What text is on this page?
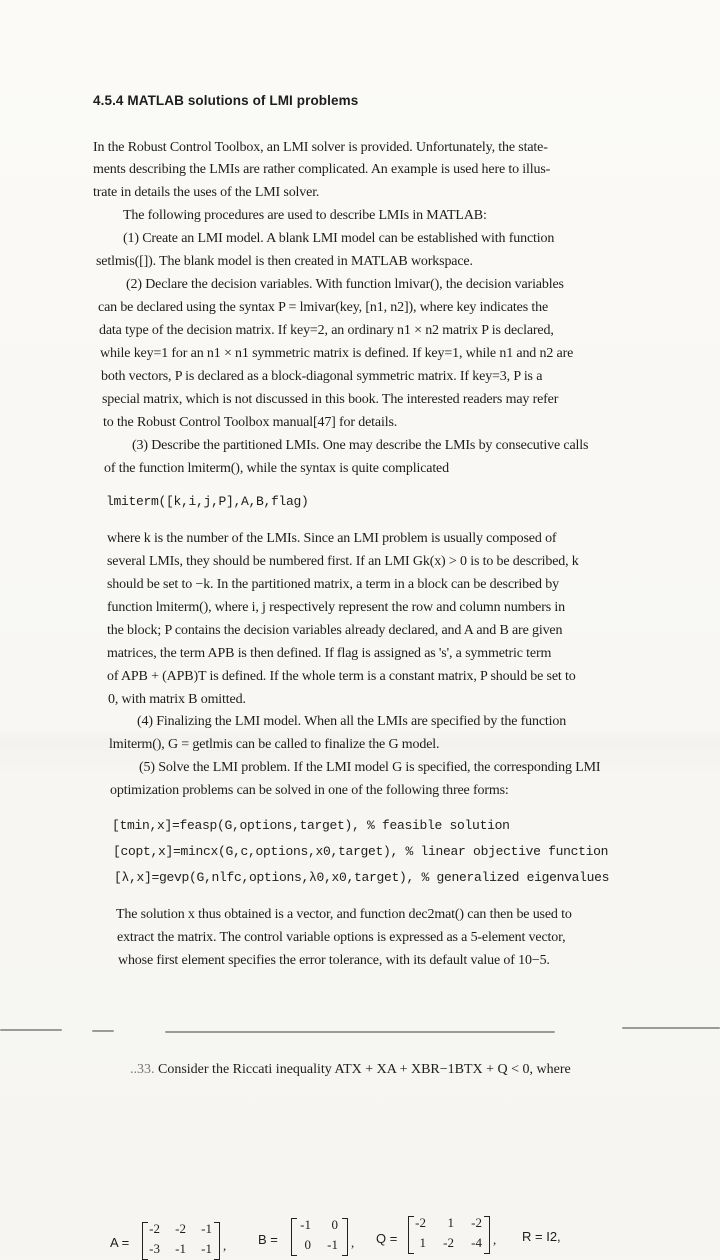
4.5.4 MATLAB solutions of LMI problems
In the Robust Control Toolbox, an LMI solver is provided. Unfortunately, the state-
ments describing the LMIs are rather complicated. An example is used here to illus-
trate in details the uses of the LMI solver.
The following procedures are used to describe LMIs in MATLAB:
(1) Create an LMI model. A blank LMI model can be established with function
setlmis([]). The blank model is then created in MATLAB workspace.
(2) Declare the decision variables. With function lmivar(), the decision variables
can be declared using the syntax P = lmivar(key, [n1, n2]), where key indicates the
data type of the decision matrix. If key=2, an ordinary n1 × n2 matrix P is declared,
while key=1 for an n1 × n1 symmetric matrix is defined. If key=1, while n1 and n2 are
both vectors, P is declared as a block-diagonal symmetric matrix. If key=3, P is a
special matrix, which is not discussed in this book. The interested readers may refer
to the Robust Control Toolbox manual[47] for details.
(3) Describe the partitioned LMIs. One may describe the LMIs by consecutive calls
of the function lmiterm(), while the syntax is quite complicated
lmiterm([k,i,j,P],A,B,flag)
where k is the number of the LMIs. Since an LMI problem is usually composed of
several LMIs, they should be numbered first. If an LMI Gk(x) > 0 is to be described, k
should be set to −k. In the partitioned matrix, a term in a block can be described by
function lmiterm(), where i, j respectively represent the row and column numbers in
the block; P contains the decision variables already declared, and A and B are given
matrices, the term APB is then defined. If flag is assigned as 's', a symmetric term
of APB + (APB)T is defined. If the whole term is a constant matrix, P should be set to
0, with matrix B omitted.
(4) Finalizing the LMI model. When all the LMIs are specified by the function
lmiterm(), G = getlmis can be called to finalize the G model.
(5) Solve the LMI problem. If the LMI model G is specified, the corresponding LMI
optimization problems can be solved in one of the following three forms:
[tmin,x]=feasp(G,options,target), % feasible solution
[copt,x]=mincx(G,c,options,x0,target), % linear objective function
[λ,x]=gevp(G,nlfc,options,λ0,x0,target), % generalized eigenvalues
The solution x thus obtained is a vector, and function dec2mat() can then be used to
extract the matrix. The control variable options is expressed as a 5-element vector,
whose first element specifies the error tolerance, with its default value of 10−5.
..33. Consider the Riccati inequality ATX + XA + XBR−1BTX + Q < 0, where
A =
-2	-2	-1
-3	-1	-1 , B =
-1	0
0	-1 , Q =
-2	1	-2
1	-2	-4 , R = I2,
